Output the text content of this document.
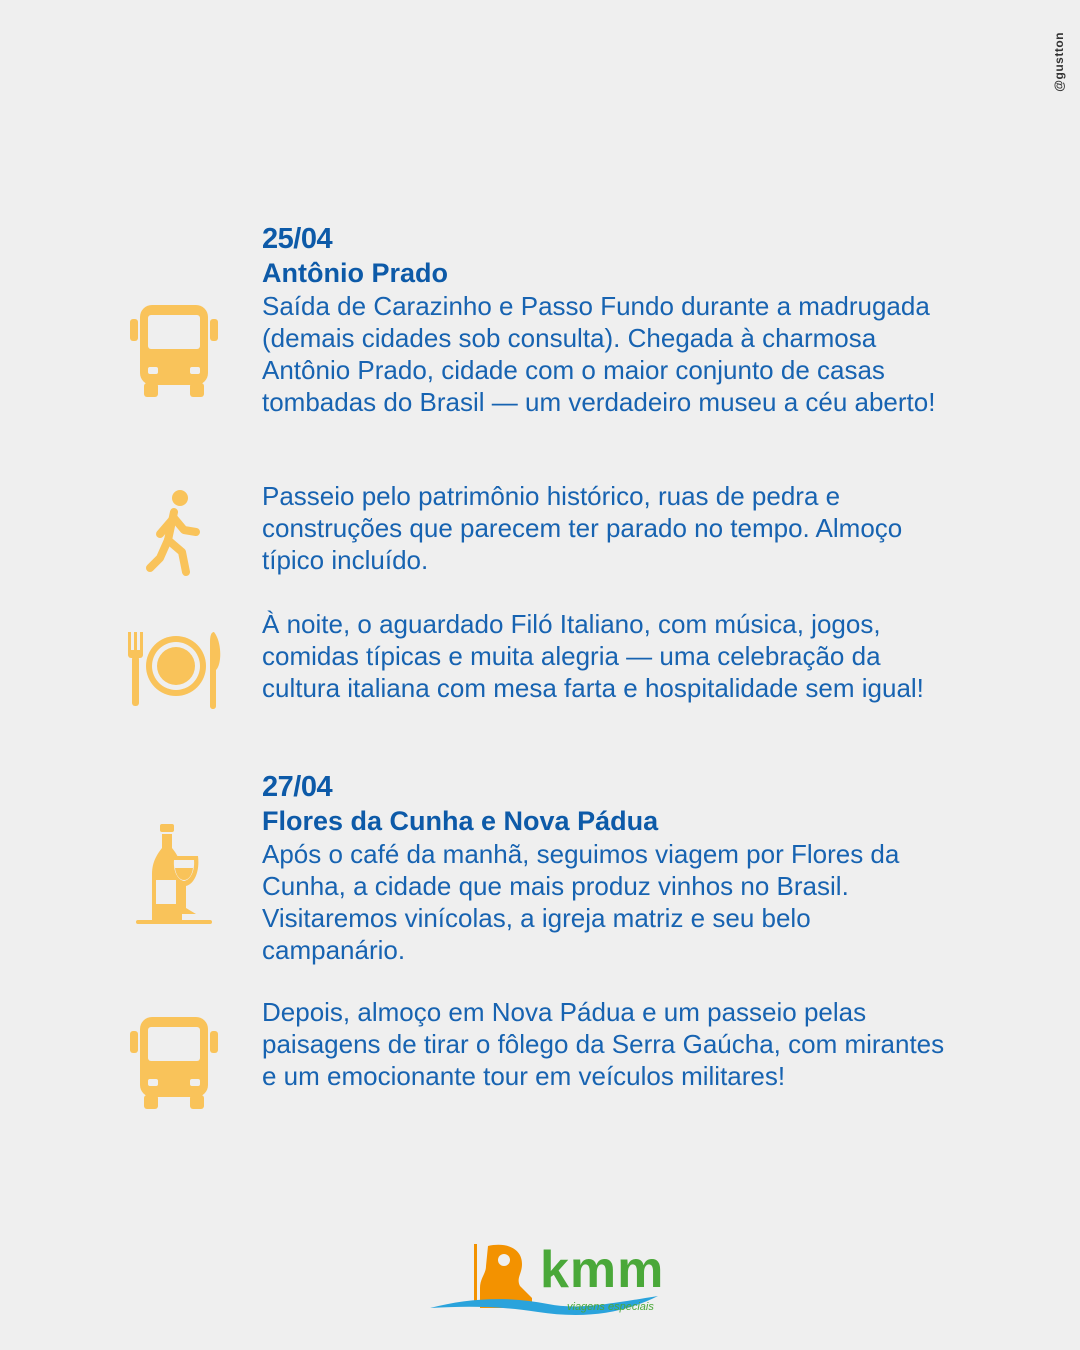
@gustton
25/04
Antônio Prado

Saída de Carazinho e Passo Fundo durante a madrugada (demais cidades sob consulta). Chegada à charmosa Antônio Prado, cidade com o maior conjunto de casas tombadas do Brasil — um verdadeiro museu a céu aberto!

Passeio pelo patrimônio histórico, ruas de pedra e construções que parecem ter parado no tempo. Almoço típico incluído.

À noite, o aguardado Filó Italiano, com música, jogos, comidas típicas e muita alegria — uma celebração da cultura italiana com mesa farta e hospitalidade sem igual!

27/04
Flores da Cunha e Nova Pádua

Após o café da manhã, seguimos viagem por Flores da Cunha, a cidade que mais produz vinhos no Brasil. Visitaremos vinícolas, a igreja matriz e seu belo campanário.

Depois, almoço em Nova Pádua e um passeio pelas paisagens de tirar o fôlego da Serra Gaúcha, com mirantes e um emocionante tour em veículos militares!

kmm
viagens especiais
